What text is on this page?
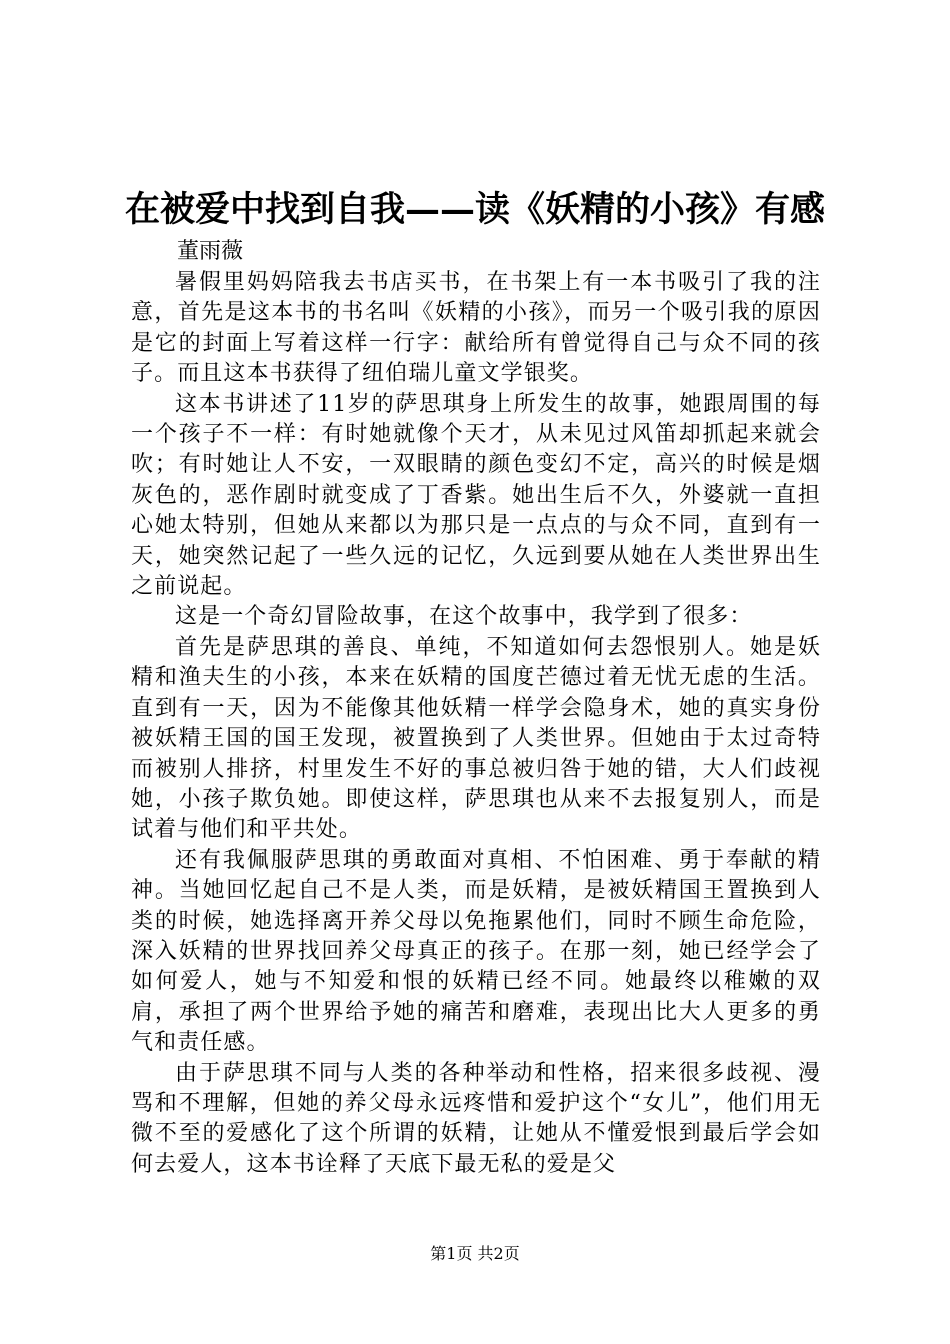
在被爱中找到自我——读《妖精的小孩》有感
董雨薇

暑假里妈妈陪我去书店买书，在书架上有一本书吸引了我的注意，首先是这本书的书名叫《妖精的小孩》，而另一个吸引我的原因是它的封面上写着这样一行字：献给所有曾觉得自己与众不同的孩子。而且这本书获得了纽伯瑞儿童文学银奖。

这本书讲述了11岁的萨思琪身上所发生的故事，她跟周围的每一个孩子不一样：有时她就像个天才，从未见过风笛却抓起来就会吹；有时她让人不安，一双眼睛的颜色变幻不定，高兴的时候是烟灰色的，恶作剧时就变成了丁香紫。她出生后不久，外婆就一直担心她太特别，但她从来都以为那只是一点点的与众不同，直到有一天，她突然记起了一些久远的记忆，久远到要从她在人类世界出生之前说起。

这是一个奇幻冒险故事，在这个故事中，我学到了很多：

首先是萨思琪的善良、单纯，不知道如何去怨恨别人。她是妖精和渔夫生的小孩，本来在妖精的国度芒德过着无忧无虑的生活。直到有一天，因为不能像其他妖精一样学会隐身术，她的真实身份被妖精王国的国王发现，被置换到了人类世界。但她由于太过奇特而被别人排挤，村里发生不好的事总被归咎于她的错，大人们歧视她，小孩子欺负她。即使这样，萨思琪也从来不去报复别人，而是试着与他们和平共处。

还有我佩服萨思琪的勇敢面对真相、不怕困难、勇于奉献的精神。当她回忆起自己不是人类，而是妖精，是被妖精国王置换到人类的时候，她选择离开养父母以免拖累他们，同时不顾生命危险，深入妖精的世界找回养父母真正的孩子。在那一刻，她已经学会了如何爱人，她与不知爱和恨的妖精已经不同。她最终以稚嫩的双肩，承担了两个世界给予她的痛苦和磨难，表现出比大人更多的勇气和责任感。

由于萨思琪不同与人类的各种举动和性格，招来很多歧视、漫骂和不理解，但她的养父母永远疼惜和爱护这个“女儿”，他们用无微不至的爱感化了这个所谓的妖精，让她从不懂爱恨到最后学会如何去爱人，这本书诠释了天底下最无私的爱是父

第1页 共2页
